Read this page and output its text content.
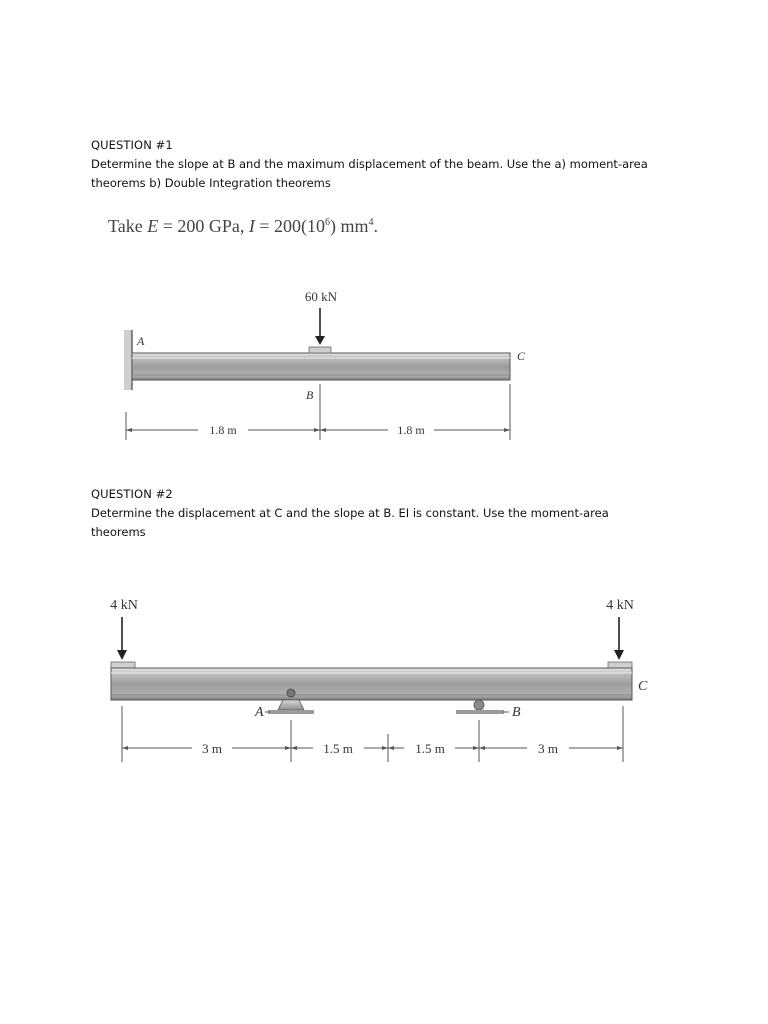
QUESTION #1

Determine the slope at B and the maximum displacement of the beam. Use the a) moment-area theorems b) Double Integration theorems

Take E = 200 GPa, $I = 200(10^6)$ $mm^4$.
A
60 kN
C
B
1.8 m	1.8 m

QUESTION #2

Determine the displacement at C and the slope at B. EI is constant. Use the moment-area theorems

4 kN	4 kN
C
A	B
3 m	1.5 m	1.5 m	3 m
